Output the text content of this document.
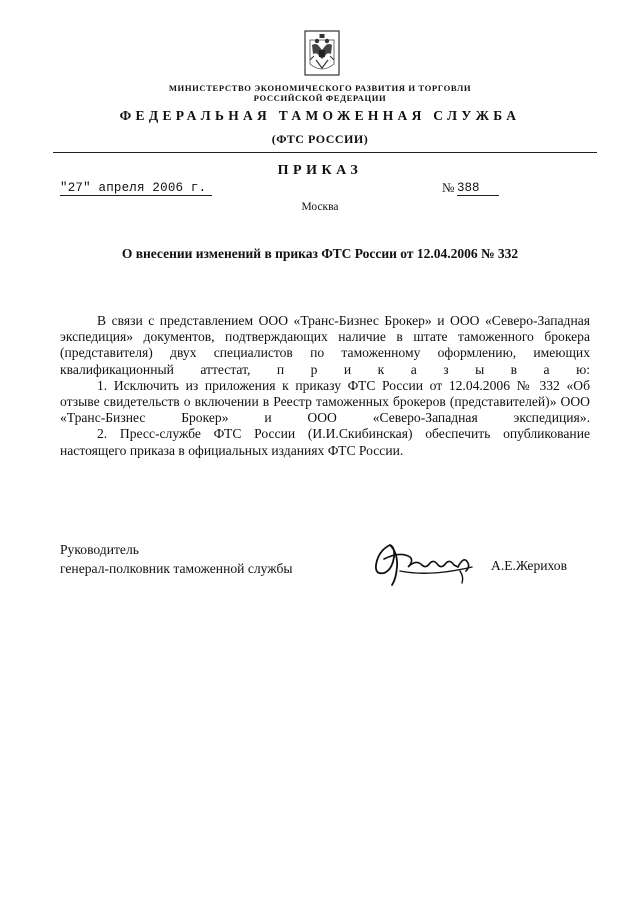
МИНИСТЕРСТВО ЭКОНОМИЧЕСКОГО РАЗВИТИЯ И ТОРГОВЛИ
РОССИЙСКОЙ ФЕДЕРАЦИИ
ФЕДЕРАЛЬНАЯ ТАМОЖЕННАЯ СЛУЖБА
(ФТС РОССИИ)
ПРИКАЗ
"27" апреля 2006 г.	№ 388
Москва
О внесении изменений в приказ ФТС России от 12.04.2006 № 332

В связи с представлением ООО «Транс-Бизнес Брокер» и ООО «Северо-Западная экспедиция» документов, подтверждающих наличие в штате таможенного брокера (представителя) двух специалистов по таможенному оформлению, имеющих квалификационный аттестат, п р и к а з ы в а ю:

1. Исключить из приложения к приказу ФТС России от 12.04.2006 № 332 «Об отзыве свидетельств о включении в Реестр таможенных брокеров (представителей)» ООО «Транс-Бизнес Брокер» и ООО «Северо-Западная экспедиция».

2. Пресс-службе ФТС России (И.И.Скибинская) обеспечить опубликование настоящего приказа в официальных изданиях ФТС России.

Руководитель
генерал-полковник таможенной службы	А.Е.Жерихов
